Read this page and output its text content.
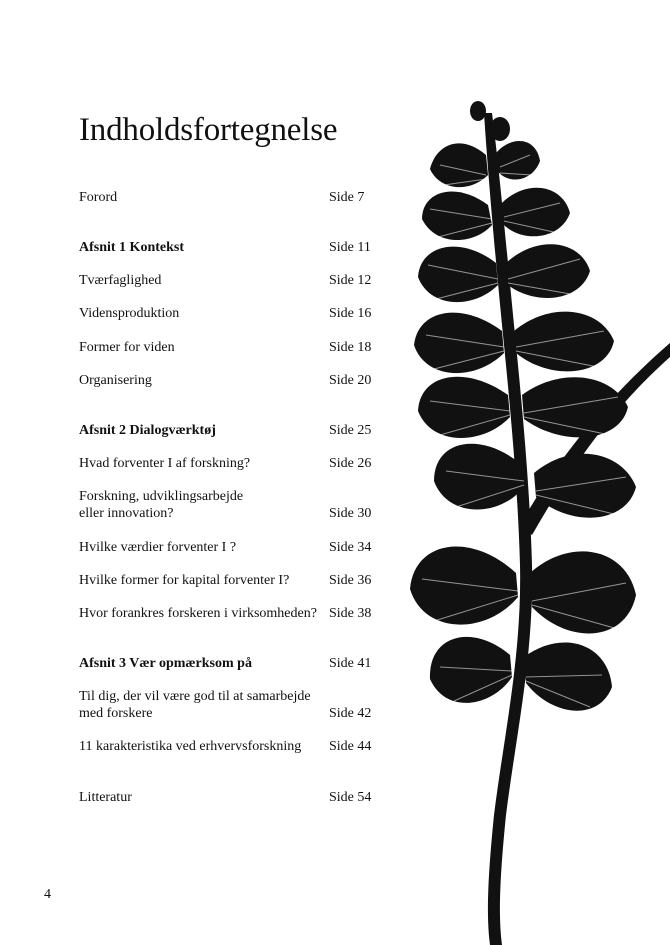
Indholdsfortegnelse
Forord	Side 7
Afsnit 1 Kontekst	Side 11
Tværfaglighed	Side 12
Vidensproduktion	Side 16
Former for viden	Side 18
Organisering	Side 20
Afsnit 2 Dialogværktøj	Side 25
Hvad forventer I af forskning?	Side 26
Forskning, udviklingsarbejde
eller innovation?	Side 30
Hvilke værdier forventer I ?	Side 34
Hvilke former for kapital forventer I?	Side 36
Hvor forankres forskeren i virksomheden? Side 38
Afsnit 3 Vær opmærksom på	Side 41
Til dig, der vil være god til at samarbejde
med forskere	Side 42
11 karakteristika ved erhvervsforskning	Side 44
Litteratur	Side 54
4
